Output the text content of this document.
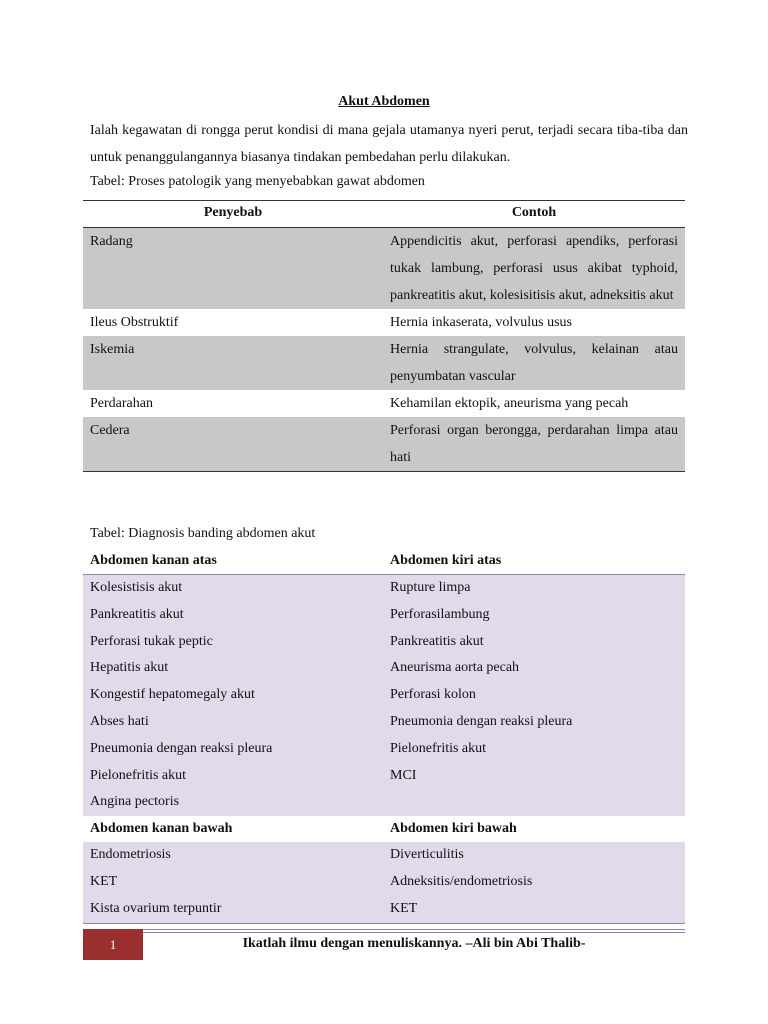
Akut Abdomen

Ialah kegawatan di rongga perut kondisi di mana gejala utamanya nyeri perut, terjadi secara tiba-tiba dan untuk penanggulangannya biasanya tindakan pembedahan perlu dilakukan.

Tabel: Proses patologik yang menyebabkan gawat abdomen

Penyebab	Contoh
Radang	Appendicitis akut, perforasi apendiks, perforasi tukak lambung, perforasi usus akibat typhoid, pankreatitis akut, kolesisitisis akut, adneksitis akut
Ileus Obstruktif	Hernia inkaserata, volvulus usus
Iskemia	Hernia strangulate, volvulus, kelainan atau penyumbatan vascular
Perdarahan	Kehamilan ektopik, aneurisma yang pecah
Cedera	Perforasi organ berongga, perdarahan limpa atau hati

Tabel: Diagnosis banding abdomen akut

Abdomen kanan atas	Abdomen kiri atas
Kolesistisis akut	Rupture limpa
Pankreatitis akut	Perforasilambung
Perforasi tukak peptic	Pankreatitis akut
Hepatitis akut	Aneurisma aorta pecah
Kongestif hepatomegaly akut	Perforasi kolon
Abses hati	Pneumonia dengan reaksi pleura
Pneumonia dengan reaksi pleura	Pielonefritis akut
Pielonefritis akut	MCI
Angina pectoris	
Abdomen kanan bawah	Abdomen kiri bawah
Endometriosis	Diverticulitis
KET	Adneksitis/endometriosis
Kista ovarium terpuntir	KET
1	Ikatlah ilmu dengan menuliskannya. –Ali bin Abi Thalib-
